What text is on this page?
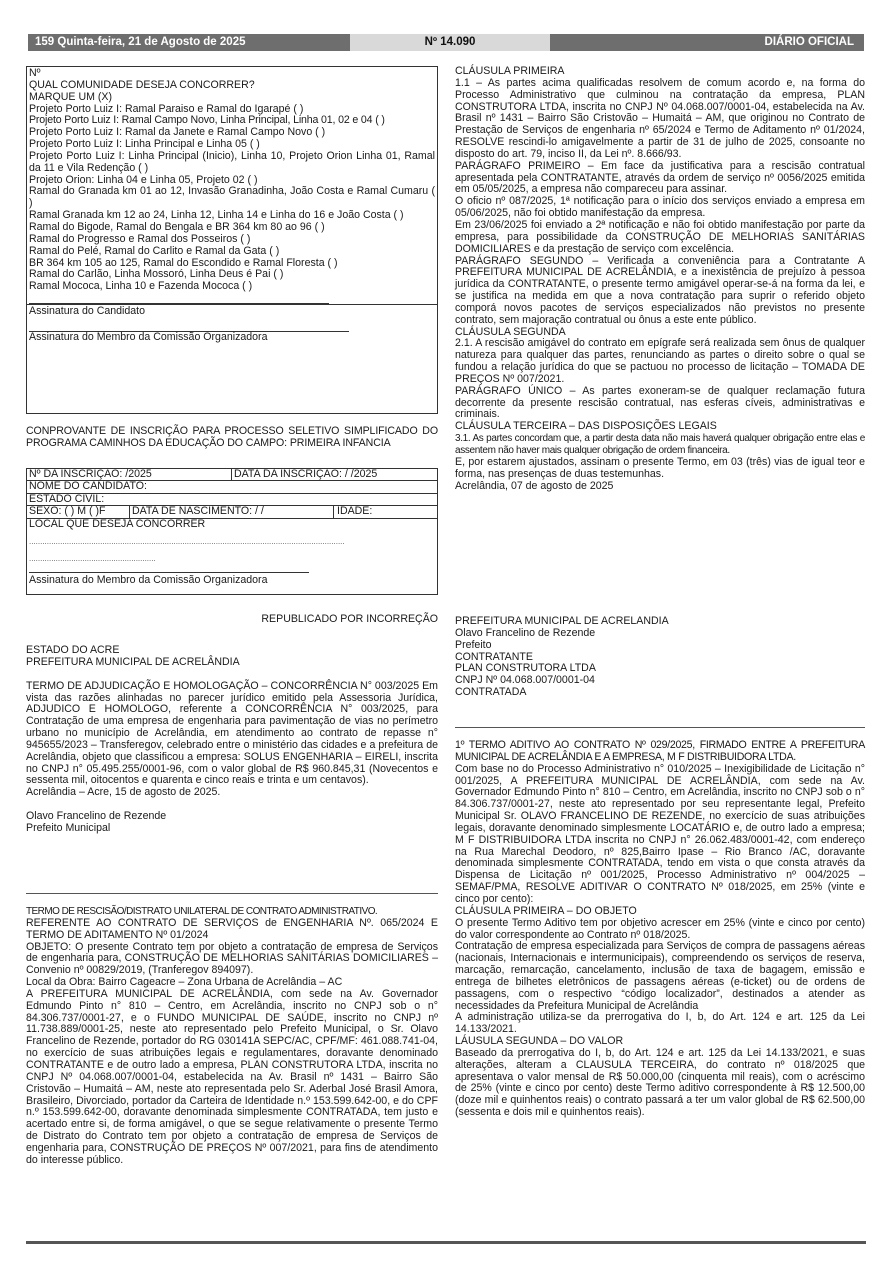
159 Quinta-feira, 21 de Agosto de 2025	Nº 14.090	DIÁRIO OFICIAL

Nº

QUAL COMUNIDADE DESEJA CONCORRER?

MARQUE UM (X)

Projeto Porto Luiz I: Ramal Paraiso e Ramal do Igarapé ( )

Projeto Porto Luiz I: Ramal Campo Novo, Linha Principal, Linha 01, 02 e 04 ( )

Projeto Porto Luiz I: Ramal da Janete e Ramal Campo Novo ( )

Projeto Porto Luiz I: Linha Principal e Linha 05 ( )

Projeto Porto Luiz I: Linha Principal (Inicio), Linha 10, Projeto Orion Linha 01, Ramal da 11 e Vila Redenção ( )

Projeto Orion: Linha 04 e Linha 05, Projeto 02 ( )

Ramal do Granada km 01 ao 12, Invasão Granadinha, João Costa e Ramal Cumaru ( )

Ramal Granada km 12 ao 24, Linha 12, Linha 14 e Linha do 16 e João Costa ( )

Ramal do Bigode, Ramal do Bengala e BR 364 km 80 ao 96 ( )

Ramal do Progresso e Ramal dos Posseiros ( )

Ramal do Pelé, Ramal do Carlito e Ramal da Gata ( )

BR 364 km 105 ao 125, Ramal do Escondido e Ramal Floresta ( )

Ramal do Carlão, Linha Mossoró, Linha Deus é Pai ( )

Ramal Mococa, Linha 10 e Fazenda Mococa ( )

Assinatura do Candidato

Assinatura do Membro da Comissão Organizadora

CONPROVANTE DE INSCRIÇÃO PARA PROCESSO SELETIVO SIMPLIFICADO DO PROGRAMA CAMINHOS DA EDUCAÇÃO DO CAMPO: PRIMEIRA INFANCIA

Nº DA INSCRIÇÃO: /2025	DATA DA INSCRIÇÃO: / /2025
NOME DO CANDIDATO:
ESTADO CIVIL:
SEXO: ( ) M ( )F DATA DE NASCIMENTO: / /	IDADE:

LOCAL QUE DESEJA CONCORRER

..............................................................................................................................................

.........................................................

Assinatura do Membro da Comissão Organizadora

REPUBLICADO POR INCORREÇÃO

ESTADO DO ACRE

PREFEITURA MUNICIPAL DE ACRELÂNDIA

TERMO DE ADJUDICAÇÃO E HOMOLOGAÇÃO – CONCORRÊNCIA N° 003/2025 Em vista das razões alinhadas no parecer jurídico emitido pela Assessoria Jurídica, ADJUDICO E HOMOLOGO, referente a CONCORRÊNCIA N° 003/2025, para Contratação de uma empresa de engenharia para pavimentação de vias no perímetro urbano no município de Acrelândia, em atendimento ao contrato de repasse n° 945655/2023 – Transferegov, celebrado entre o ministério das cidades e a prefeitura de Acrelândia, objeto que classificou a empresa: SOLUS ENGENHARIA – EIRELI, inscrita no CNPJ n° 05.495.255/0001-96, com o valor global de R$ 960.845,31 (Novecentos e sessenta mil, oitocentos e quarenta e cinco reais e trinta e um centavos).

Acrelândia – Acre, 15 de agosto de 2025.

Olavo Francelino de Rezende

Prefeito Municipal

TERMO DE RESCISÃO/DISTRATO UNILATERAL DE CONTRATO ADMINISTRATIVO.

REFERENTE AO CONTRATO DE SERVIÇOS de ENGENHARIA Nº. 065/2024 E TERMO DE ADITAMENTO Nº 01/2024

OBJETO: O presente Contrato tem por objeto a contratação de empresa de Serviços de engenharia para, CONSTRUÇÃO DE MELHORIAS SANITÁRIAS DOMICILIARES – Convenio nº 00829/2019, (Tranferegov 894097).

Local da Obra: Bairro Cageacre – Zona Urbana de Acrelândia – AC

A PREFEITURA MUNICIPAL DE ACRELÂNDIA, com sede na Av. Governador Edmundo Pinto n° 810 – Centro, em Acrelândia, inscrito no CNPJ sob o n° 84.306.737/0001-27, e o FUNDO MUNICIPAL DE SAÚDE, inscrito no CNPJ nº 11.738.889/0001-25, neste ato representado pelo Prefeito Municipal, o Sr. Olavo Francelino de Rezende, portador do RG 030141A SEPC/AC, CPF/MF: 461.088.741-04, no exercício de suas atribuições legais e regulamentares, doravante denominado CONTRATANTE e de outro lado a empresa, PLAN CONSTRUTORA LTDA, inscrita no CNPJ Nº 04.068.007/0001-04, estabelecida na Av. Brasil nº 1431 – Bairro São Cristovão – Humaitá – AM, neste ato representada pelo Sr. Aderbal José Brasil Amora, Brasileiro, Divorciado, portador da Carteira de Identidade n.º 153.599.642-00, e do CPF n.º 153.599.642-00, doravante denominada simplesmente CONTRATADA, tem justo e acertado entre si, de forma amigável, o que se segue relativamente o presente Termo de Distrato do Contrato tem por objeto a contratação de empresa de Serviços de engenharia para, CONSTRUÇÃO DE PREÇOS Nº 007/2021, para fins de atendimento do interesse público.

CLÁUSULA PRIMEIRA

1.1 – As partes acima qualificadas resolvem de comum acordo e, na forma do Processo Administrativo que culminou na contratação da empresa, PLAN CONSTRUTORA LTDA, inscrita no CNPJ Nº 04.068.007/0001-04, estabelecida na Av. Brasil nº 1431 – Bairro São Cristovão – Humaitá – AM, que originou no Contrato de Prestação de Serviços de engenharia nº 65/2024 e Termo de Aditamento nº 01/2024, RESOLVE rescindi-lo amigavelmente a partir de 31 de julho de 2025, consoante no disposto do art. 79, inciso II, da Lei nº. 8.666/93.

PARÁGRAFO PRIMEIRO – Em face da justificativa para a rescisão contratual apresentada pela CONTRATANTE, através da ordem de serviço nº 0056/2025 emitida em 05/05/2025, a empresa não compareceu para assinar.

O oficio nº 087/2025, 1ª notificação para o início dos serviços enviado a empresa em 05/06/2025, não foi obtido manifestação da empresa.

Em 23/06/2025 foi enviado a 2ª notificação e não foi obtido manifestação por parte da empresa, para possibilidade da CONSTRUÇÃO DE MELHORIAS SANITÁRIAS DOMICILIARES e da prestação de serviço com excelência.

PARÁGRAFO SEGUNDO – Verificada a conveniência para a Contratante A PREFEITURA MUNICIPAL DE ACRELÂNDIA, e a inexistência de prejuízo à pessoa jurídica da CONTRATANTE, o presente termo amigável operar-se-á na forma da lei, e se justifica na medida em que a nova contratação para suprir o referido objeto comporá novos pacotes de serviços especializados não previstos no presente contrato, sem majoração contratual ou ônus a este ente público.

CLÁUSULA SEGUNDA

2.1. A rescisão amigável do contrato em epígrafe será realizada sem ônus de qualquer natureza para qualquer das partes, renunciando as partes o direito sobre o qual se fundou a relação jurídica do que se pactuou no processo de licitação – TOMADA DE PREÇOS Nº 007/2021.

PARÁGRAFO ÚNICO – As partes exoneram-se de qualquer reclamação futura decorrente da presente rescisão contratual, nas esferas cíveis, administrativas e criminais.

CLÁUSULA TERCEIRA – DAS DISPOSIÇÕES LEGAIS

3.1. As partes concordam que, a partir desta data não mais haverá qualquer obrigação entre elas e assentem não haver mais qualquer obrigação de ordem financeira.

E, por estarem ajustados, assinam o presente Termo, em 03 (três) vias de igual teor e forma, nas presenças de duas testemunhas.

Acrelândia, 07 de agosto de 2025

PREFEITURA MUNICIPAL DE ACRELANDIA

Olavo Francelino de Rezende

Prefeito

CONTRATANTE

PLAN CONSTRUTORA LTDA

CNPJ Nº 04.068.007/0001-04

CONTRATADA

1º TERMO ADITIVO AO CONTRATO Nº 029/2025, FIRMADO ENTRE A PREFEITURA MUNICIPAL DE ACRELÂNDIA E A EMPRESA, M F DISTRIBUIDORA LTDA.

Com base no do Processo Administrativo n° 010/2025 – Inexigibilidade de Licitação n° 001/2025, A PREFEITURA MUNICIPAL DE ACRELÂNDIA, com sede na Av. Governador Edmundo Pinto n° 810 – Centro, em Acrelândia, inscrito no CNPJ sob o n° 84.306.737/0001-27, neste ato representado por seu representante legal, Prefeito Municipal Sr. OLAVO FRANCELINO DE REZENDE, no exercício de suas atribuições legais, doravante denominado simplesmente LOCATÁRIO e, de outro lado a empresa; M F DISTRIBUIDORA LTDA inscrita no CNPJ n° 26.062.483/0001-42, com endereço na Rua Marechal Deodoro, nº 825,Bairro Ipase – Rio Branco /AC, doravante denominada simplesmente CONTRATADA, tendo em vista o que consta através da Dispensa de Licitação nº 001/2025, Processo Administrativo nº 004/2025 –SEMAF/PMA, RESOLVE ADITIVAR O CONTRATO Nº 018/2025, em 25% (vinte e cinco por cento):

CLÁUSULA PRIMEIRA – DO OBJETO

O presente Termo Aditivo tem por objetivo acrescer em 25% (vinte e cinco por cento) do valor correspondente ao Contrato nº 018/2025.

Contratação de empresa especializada para Serviços de compra de passagens aéreas (nacionais, Internacionais e intermunicipais), compreendendo os serviços de reserva, marcação, remarcação, cancelamento, inclusão de taxa de bagagem, emissão e entrega de bilhetes eletrônicos de passagens aéreas (e-ticket) ou de ordens de passagens, com o respectivo “código localizador”, destinados a atender as necessidades da Prefeitura Municipal de Acrelândia

A administração utiliza-se da prerrogativa do I, b, do Art. 124 e art. 125 da Lei 14.133/2021.

LÁUSULA SEGUNDA – DO VALOR

Baseado da prerrogativa do I, b, do Art. 124 e art. 125 da Lei 14.133/2021, e suas alterações, alteram a CLAUSULA TERCEIRA, do contrato nº 018/2025 que apresentava o valor mensal de R$ 50.000,00 (cinquenta mil reais), com o acréscimo de 25% (vinte e cinco por cento) deste Termo aditivo correspondente à R$ 12.500,00 (doze mil e quinhentos reais) o contrato passará a ter um valor global de R$ 62.500,00 (sessenta e dois mil e quinhentos reais).
